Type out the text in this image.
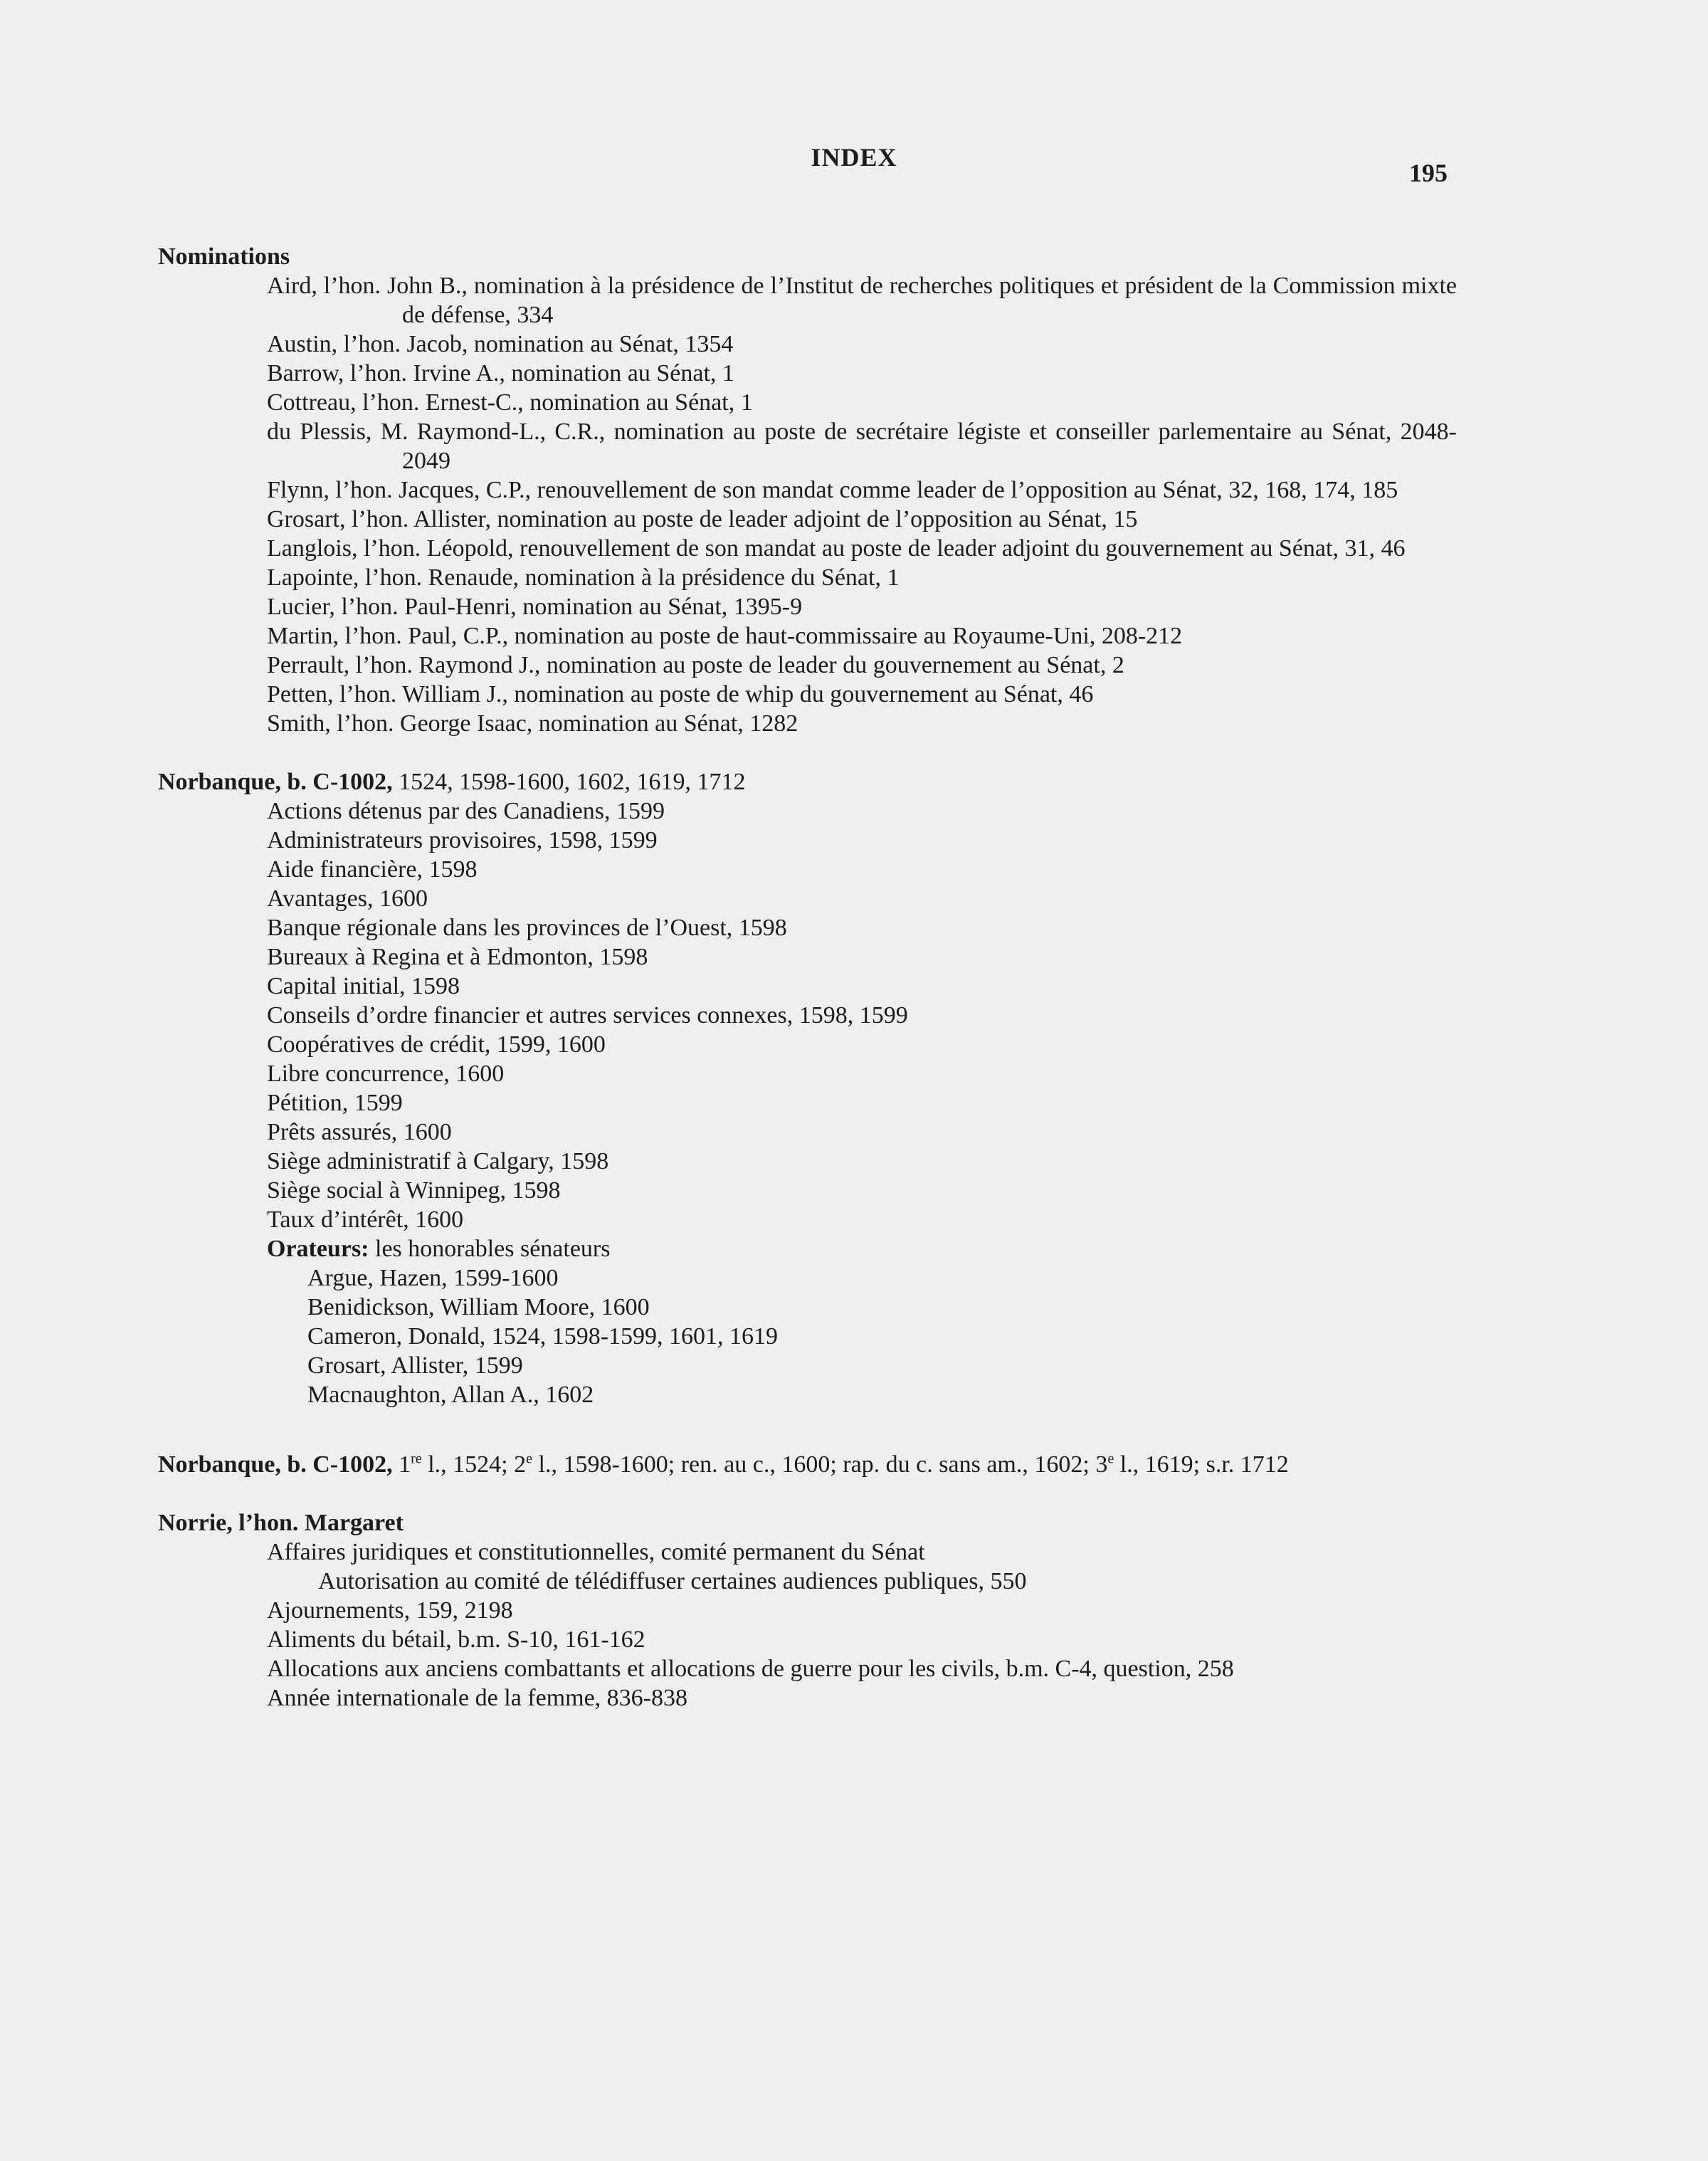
INDEX
195

Nominations

Aird, l’hon. John B., nomination à la présidence de l’Institut de recherches politiques et président de la Commission mixte de défense, 334

Austin, l’hon. Jacob, nomination au Sénat, 1354

Barrow, l’hon. Irvine A., nomination au Sénat, 1

Cottreau, l’hon. Ernest-C., nomination au Sénat, 1

du Plessis, M. Raymond-L., C.R., nomination au poste de secrétaire légiste et conseiller parlementaire au Sénat, 2048-2049

Flynn, l’hon. Jacques, C.P., renouvellement de son mandat comme leader de l’opposition au Sénat, 32, 168, 174, 185

Grosart, l’hon. Allister, nomination au poste de leader adjoint de l’opposition au Sénat, 15

Langlois, l’hon. Léopold, renouvellement de son mandat au poste de leader adjoint du gouvernement au Sénat, 31, 46

Lapointe, l’hon. Renaude, nomination à la présidence du Sénat, 1

Lucier, l’hon. Paul-Henri, nomination au Sénat, 1395-9

Martin, l’hon. Paul, C.P., nomination au poste de haut-commissaire au Royaume-Uni, 208-212

Perrault, l’hon. Raymond J., nomination au poste de leader du gouvernement au Sénat, 2

Petten, l’hon. William J., nomination au poste de whip du gouvernement au Sénat, 46

Smith, l’hon. George Isaac, nomination au Sénat, 1282

Norbanque, b. C-1002, 1524, 1598-1600, 1602, 1619, 1712

Actions détenus par des Canadiens, 1599

Administrateurs provisoires, 1598, 1599

Aide financière, 1598

Avantages, 1600

Banque régionale dans les provinces de l’Ouest, 1598

Bureaux à Regina et à Edmonton, 1598

Capital initial, 1598

Conseils d’ordre financier et autres services connexes, 1598, 1599

Coopératives de crédit, 1599, 1600

Libre concurrence, 1600

Pétition, 1599

Prêts assurés, 1600

Siège administratif à Calgary, 1598

Siège social à Winnipeg, 1598

Taux d’intérêt, 1600

Orateurs: les honorables sénateurs

Argue, Hazen, 1599-1600

Benidickson, William Moore, 1600

Cameron, Donald, 1524, 1598-1599, 1601, 1619

Grosart, Allister, 1599

Macnaughton, Allan A., 1602

Norbanque, b. C-1002, 1re l., 1524; 2e l., 1598-1600; ren. au c., 1600; rap. du c. sans am., 1602; 3e l., 1619; s.r. 1712

Norrie, l’hon. Margaret

Affaires juridiques et constitutionnelles, comité permanent du Sénat

Autorisation au comité de télédiffuser certaines audiences publiques, 550

Ajournements, 159, 2198

Aliments du bétail, b.m. S-10, 161-162

Allocations aux anciens combattants et allocations de guerre pour les civils, b.m. C-4, question, 258

Année internationale de la femme, 836-838
